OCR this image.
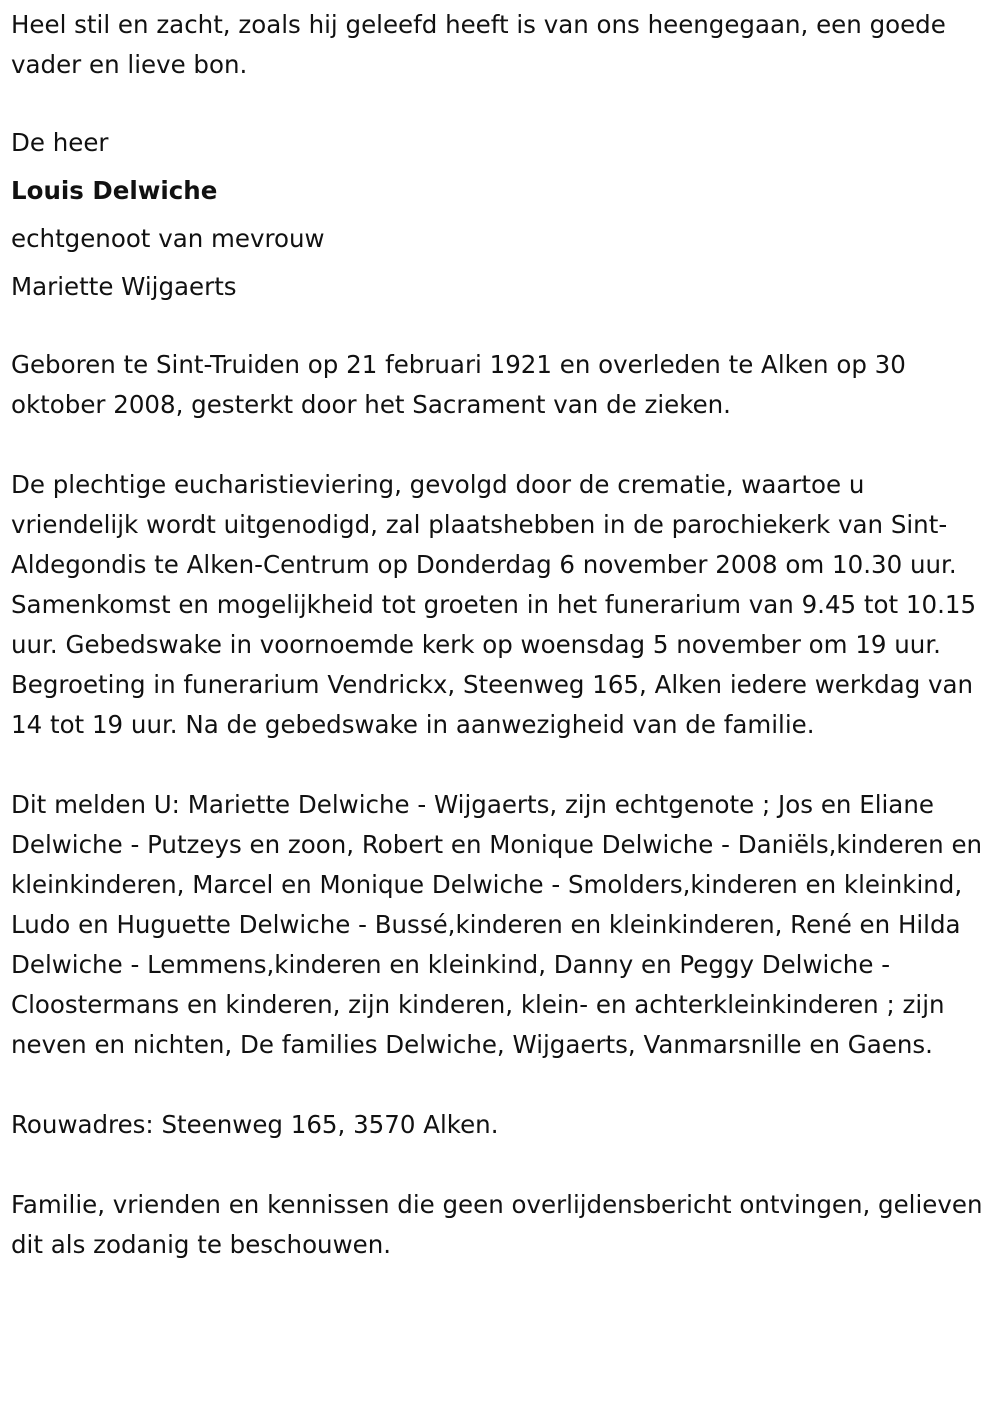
Heel stil en zacht, zoals hij geleefd heeft is van ons heengegaan, een goede vader en lieve bon.

De heer

Louis Delwiche

echtgenoot van mevrouw

Mariette Wijgaerts

Geboren te Sint-Truiden op 21 februari 1921 en overleden te Alken op 30 oktober 2008, gesterkt door het Sacrament van de zieken.

De plechtige eucharistieviering, gevolgd door de crematie, waartoe u vriendelijk wordt uitgenodigd, zal plaatshebben in de parochiekerk van Sint-Aldegondis te Alken-Centrum op Donderdag 6 november 2008 om 10.30 uur. Samenkomst en mogelijkheid tot groeten in het funerarium van 9.45 tot 10.15 uur. Gebedswake in voornoemde kerk op woensdag 5 november om 19 uur. Begroeting in funerarium Vendrickx, Steenweg 165, Alken iedere werkdag van 14 tot 19 uur. Na de gebedswake in aanwezigheid van de familie.

Dit melden U: Mariette Delwiche - Wijgaerts, zijn echtgenote ; Jos en Eliane Delwiche - Putzeys en zoon, Robert en Monique Delwiche - Daniëls,kinderen en kleinkinderen, Marcel en Monique Delwiche - Smolders,kinderen en kleinkind, Ludo en Huguette Delwiche - Bussé,kinderen en kleinkinderen, René en Hilda Delwiche - Lemmens,kinderen en kleinkind, Danny en Peggy Delwiche - Cloostermans en kinderen, zijn kinderen, klein- en achterkleinkinderen ; zijn neven en nichten, De families Delwiche, Wijgaerts, Vanmarsnille en Gaens.

Rouwadres: Steenweg 165, 3570 Alken.

Familie, vrienden en kennissen die geen overlijdensbericht ontvingen, gelieven dit als zodanig te beschouwen.
